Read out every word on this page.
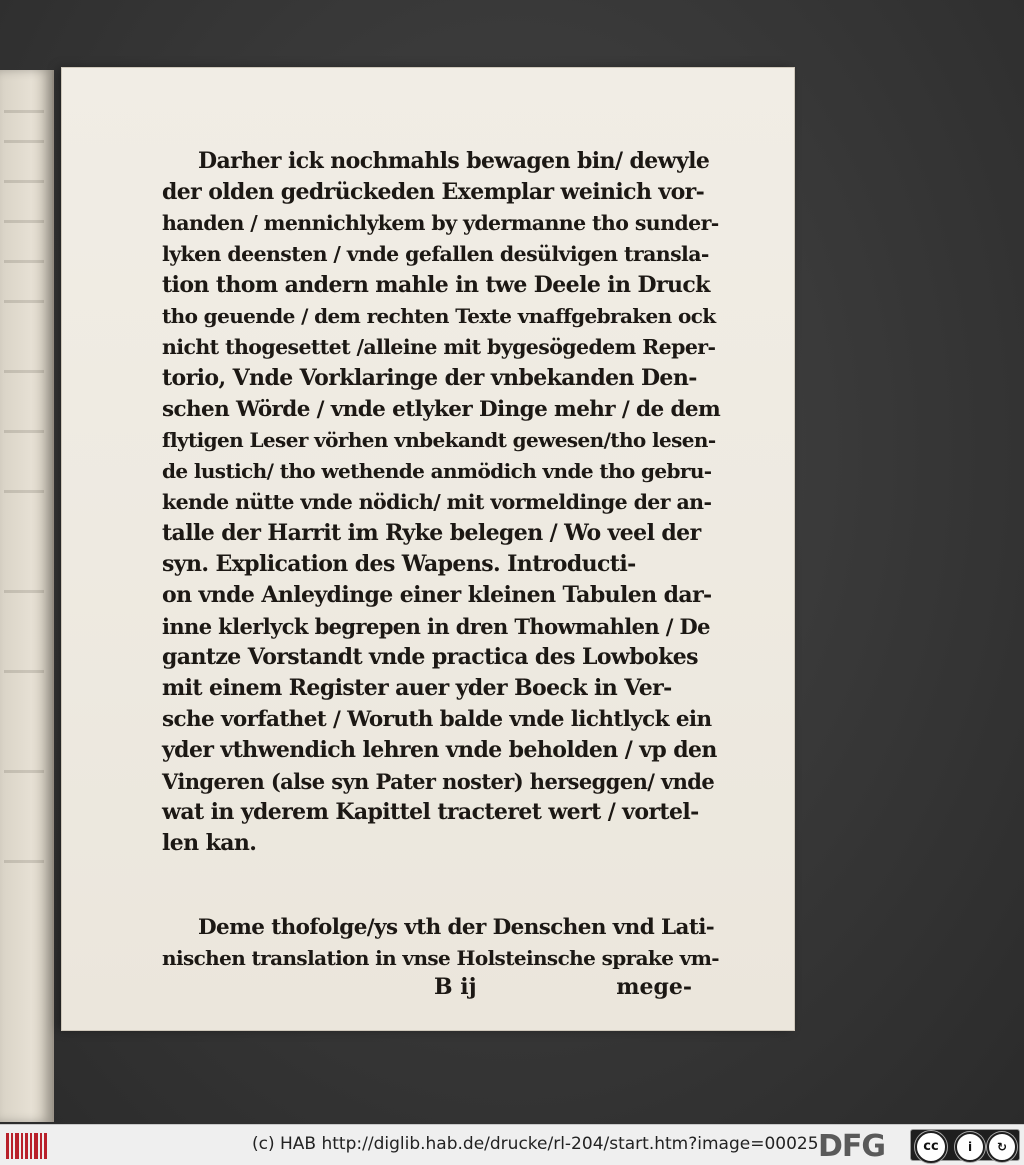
Darher ick nochmahls bewagen bin/ dewyle
der olden gedrückeden Exemplar weinich vor-
handen / mennichlykem by ydermanne tho sunder-
lyken deensten / vnde gefallen desülvigen transla-
tion thom andern mahle in twe Deele in Druck
tho geuende / dem rechten Texte vnaffgebraken ock
nicht thogesettet /alleine mit bygesögedem Reper-
torio, Vnde Vorklaringe der vnbekanden Den-
schen Wörde / vnde etlyker Dinge mehr / de dem
flytigen Leser vörhen vnbekandt gewesen/tho lesen-
de lustich/ tho wethende anmödich vnde tho gebru-
kende nütte vnde nödich/ mit vormeldinge der an-
talle der Harrit im Ryke belegen / Wo veel der
syn. Explication des Wapens. Introducti-
on vnde Anleydinge einer kleinen Tabulen dar-
inne klerlyck begrepen in dren Thowmahlen / De
gantze Vorstandt vnde practica des Lowbokes
mit einem Register auer yder Boeck in Ver-
sche vorfathet / Woruth balde vnde lichtlyck ein
yder vthwendich lehren vnde beholden / vp den
Vingeren (alse syn Pater noster) herseggen/ vnde
wat in yderem Kapittel tracteret wert / vortel-
len kan.
Deme thofolge/ys vth der Denschen vnd Lati-
nischen translation in vnse Holsteinsche sprake vm-
B ij	mege-
(c) HAB http://diglib.hab.de/drucke/rl-204/start.htm?image=00025 DFG	cc	i	↻
BY	SA
